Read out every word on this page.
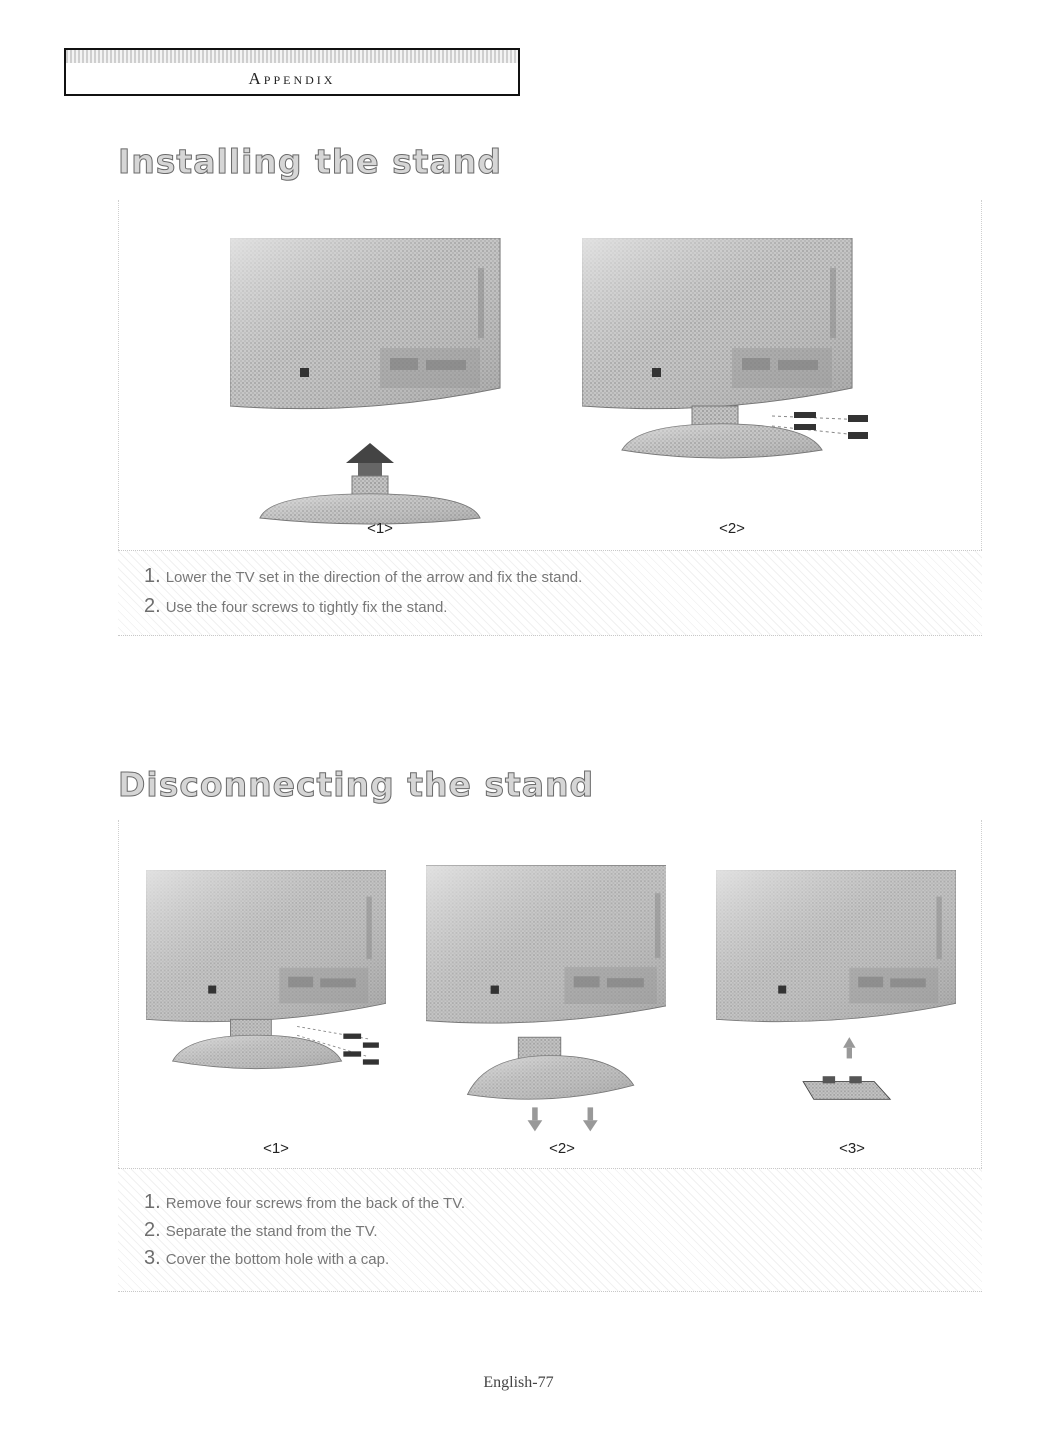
Appendix
Installing the stand
<1>	<2>
1. Lower the TV set in the direction of the arrow and fix the stand.
2. Use the four screws to tightly fix the stand.
Disconnecting the stand
<1>	<2>	<3>
1. Remove four screws from the back of the TV.
2. Separate the stand from the TV.
3. Cover the bottom hole with a cap.
English-77
